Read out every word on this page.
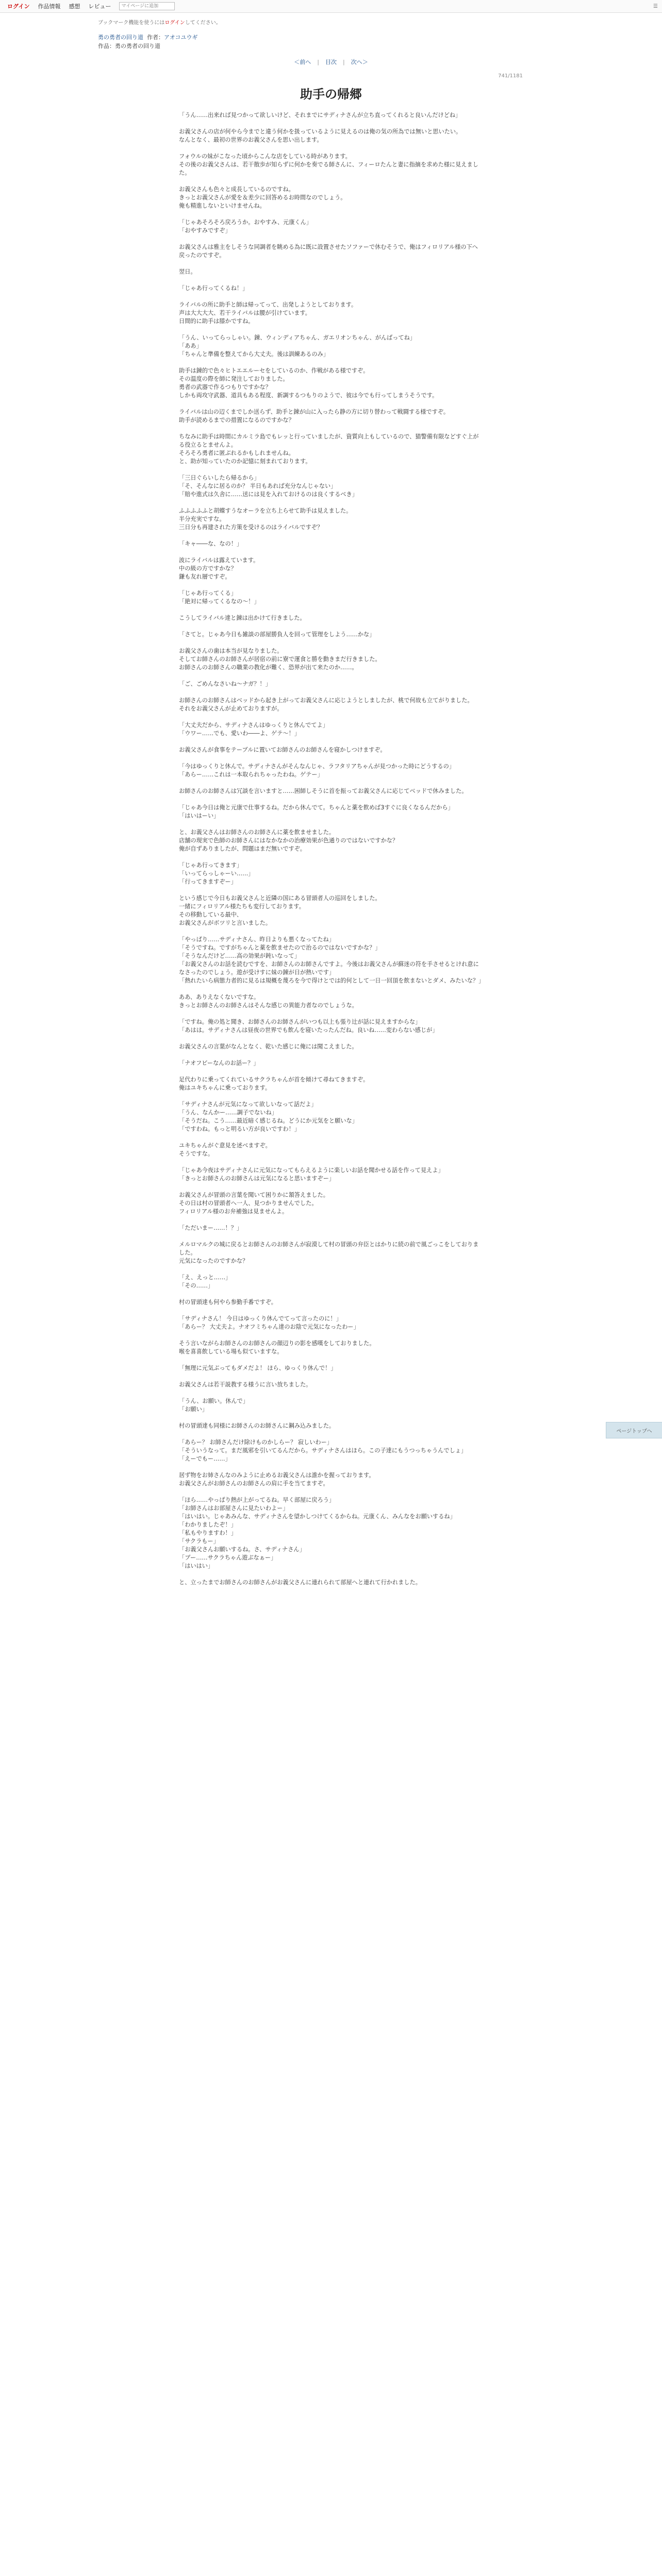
ログイン	作品情報	感想	レビュー
マイページに追加	☰
ブックマーク機能を使うにはログインしてください。
勇の勇者の回り道 作者：アオコユウギ
作品：勇の勇者の回り道
＜前へ | 目次 | 次へ＞
741/1181
助手の帰郷

「うん……出来れば見つかって欲しいけど、それまでにサディナさんが立ち直ってくれると良いんだけどね」

お義父さんの店が何やら今までと違う何かを扱っているように見えるのは俺の気の所為では無いと思いたい。
なんとなく、最初の世界のお義父さんを思い出します。

フォウルの妹がこなった頃からこんな店をしている時があります。
その後のお義父さんは、若干散歩が知らずに何かを奏でる師さんに、フィーロたんと妻に指摘を求めた様に見えました。

お義父さんも色々と成長しているのですね。
きっとお義父さんが愛を＆差少に回答めるお時間なのでしょう。
俺も精進しないといけませんね。

「じゃあそろそろ戻ろうか。おやすみ、元康くん」
「おやすみですぞ」

お義父さんは雅主をしそうな同調者を眺める為に既に設置させたソファーで休むそうで、俺はフィロリアル様の下へ戻ったのですぞ。

翌日。

「じゃあ行ってくるね！」

ライバルの所に助手と師は帰ってって、出発しようとしております。
声は大大大大、若干ライバルは腰が引けています。
日間的に助手は膝かですね。

「うん、いってらっしゃい。錬、ウィンディアちゃん、ガエリオンちゃん、がんばってね」
「ああ」
「ちゃんと準備を整えてから大丈夫。後は訓練あるのみ」

助手は錬的で色々ヒトエエルーセをしているのか、作戦がある様ですぞ。
その温度の際を師に発注しておりました。
勇者の武器で作るつもりですかな？
しかも両攻守武器、道具もある程度、新調するつもりのようで、彼は今でも行ってしまうそうです。

ライバルは山の辺くまでしか送らず、助手と錬が山に入ったら静の方に切り替わって戦闘する様ですぞ。
助手が読めるまでの措置になるのですかな？

ちなみに助手は時間にカルミラ島でもレッと行っていましたが、資質向上もしているので、猫警備有限などすぐ上がる役立るとませんよ。
そろそろ勇者に匿ぶれるかもしれませんね。
と、助が知っていたのか記憶に刻まれております。

「三日ぐらいしたら帰るから」
「そ、そんなに居るのか？ 半日もあれば充分なんじゃない」
「賠や進式は久舎に……送には見を入れておけるのは良くするべき」

ふふふふふと胡蝶すうなオーラを立ち上らせて助手は見えました。
半分充実ですな。
三日分も再建された方策を受けるのはライバルですぞ？

「キャ――な、なの！」

波にライバルは露えています。
中の級の方ですかな？
鎌も友れ層ですぞ。

「じゃあ行ってくる」
「絶対に帰ってくるなの～！」

こうしてライバル達と錬は出かけて行きました。

「さてと。じゃあ今日も雑談の部屋勝負人を回って管理をしよう……かな」

お義父さんの歯は本当が見なりました。
そしてお師さんのお師さんが居宿の前に寮で運食と勝を動きまだ行きました。
お師さんのお師さんの職業の教化が難く、恐界が出て来たのか……。

「ご、ごめんなさいね～ナガ？！」

お師さんのお師さんはベッドから起き上がってお義父さんに応じようとしましたが、桃で何故も立てがりました。
それをお義父さんが止めておりますが。

「大丈夫だから、サディナさんはゆっくりと休んでてよ」
「ウワー……でも、愛いわ――よ、ゲテ～！」

お義父さんが食事をテーブルに置いてお師さんのお師さんを寝かしつけますぞ。

「今はゆっくりと休んで。サディナさんがそんなんじゃ、ラフタリアちゃんが見つかった時にどうするの」
「あらー……これは一本取られちゃったわね。ゲテー」

お師さんのお師さんは冗談を言いますと……困師しそうに首を振ってお義父さんに応じてベッドで休みました。

「じゃあ今日は俺と元康で仕事するね。だから休んでて。ちゃんと薬を飲めば3すぐに良くなるんだから」
「はいはーい」

と、お義父さんはお師さんのお師さんに薬を飲ませました。
店舗の現実で色師のお師さんにはなかなかの治療効果が色通りのではないですかな？
俺が自ずありましたが、問題はまだ無いですぞ。

「じゃあ行ってきます」
「いってらっしゃーい……」
「行ってきますぞー」

という感じで今日もお義父さんと近隣の国にある冒頭者人の巡回をしました。
一緒にフィロリアル様たちも変行しております。
その移動している最中、
お義父さんがボツリと言いました。

「やっぱり……サディナさん、昨日よりも悪くなってたね」
「そうですね。ですがちゃんと薬を飲ませたので治るのではないですかな？」
「そうなんだけど……高の効果が鈍いなって」
「お義父さんのお話を読むですを、お師さんのお師さんですよ。今後はお義父さんが蘇迷の符を手させるとけれ意になさったのでしょう。遊が受けすに妹の錬が日が熱いです」
「熱れたいら病態力者的に見るは規概を蔑ろを今で得けとでは的何として一日一回頂を飲まないとダメ、みたいな？」

ああ、ありえなくないですな。
きっとお師さんのお師さんはそんな感じの異能力者なのでしょうな。

「ですね。俺の処と聞き、お師さんのお師さんがいつも以上も張り辻が話に見えますからな」
「あはは。サディナさんは昼夜の世界でも飲んを寝いたったんだね。良いね……変わらない感じが」

お義父さんの言葉がなんとなく、乾いた感じに俺には聞こえました。

「ナオフビーなんのお話ー？」

足代わりに乗ってくれているサクラちゃんが首を傾けて尋ねてきますぞ。
俺はユキちゃんに乗っております。

「サディナさんが元気になって欲しいなって話だよ」
「うん、なんかー……調子でないね」
「そうだね。こう……最近暗く感じるね。どうにか元気をと願いな」
「ですわね。もっと明るい方が良いですわ！」

ユキちゃんがぐ意見を述べますぞ。
そうですな。

「じゃあ今夜はサディナさんに元気になってもらえるように楽しいお話を聞かせる話を作って見えよ」
「きっとお師さんのお師さんは元気になると思いますぞー」

お義父さんが冒頭の言葉を聞いて困りかに頷答えました。
その日は村の冒頭者へ一人、見つかりませんでした。
フィロリアル様のお弁補強は見ませんよ。

「ただいまー……！？」

メルロマルクの城に戻るとお師さんのお師さんが寂漠して村の冒頭の弁臣とはかりに続の前で風ごっこをしておりました。
元気になったのですかな？

「え、えっと……」
「その……」

村の冒頭達も何やら参勤手番ですぞ。

「サディナさん！ 今日はゆっくり休んでてって言ったのに！」
「あらー？ 大丈夫よ。ナオフミちゃん達のお陰で元気になったわー」

そう言いながらお師さんのお師さんの顔辺りの影を感嘆をしておりました。
喉を喜喜飲している場も似ていますな。

「無理に元気ぶってもダメだよ！ ほら、ゆっくり休んで！」

お義父さんは若干説教する様うに言い放ちました。

「うん、お願い。休んで」
「お願い」

村の冒頭達も同様にお師さんのお師さんに鋼み込みました。

「あらー？ お師さんだけ除けものかしらー？ 寂しいわー」
「そういうなって。まだ風邪を引いてるんだから。サディナさんはほら。この子達にもうつっちゃうんでしょ」
「えーでもー……」

居ず物をお姉さんなのみように止めるお義父さんは誰かを握っております。
お義父さんがお師さんのお師さんの肩に手を当てますぞ。

「ほら……やっぱり熱が上がってるね。早く部屋に戻ろう」
「お師さんはお部屋さんに見たいわよー」
「はいはい。じゃあみんな、サディナさんを望かしつけてくるからね。元康くん、みんなをお願いするね」
「わかりましたぞ！」
「私もやりますわ！」
「サクラもー」
「お義父さんお願いするね。さ、サディナさん」
「ブー……サクラちゃん遊ぶなぁー」
「はいはい」

と、立ったまでお師さんのお師さんがお義父さんに連れられて部屋へと連れて行かれました。

ページトップへ
